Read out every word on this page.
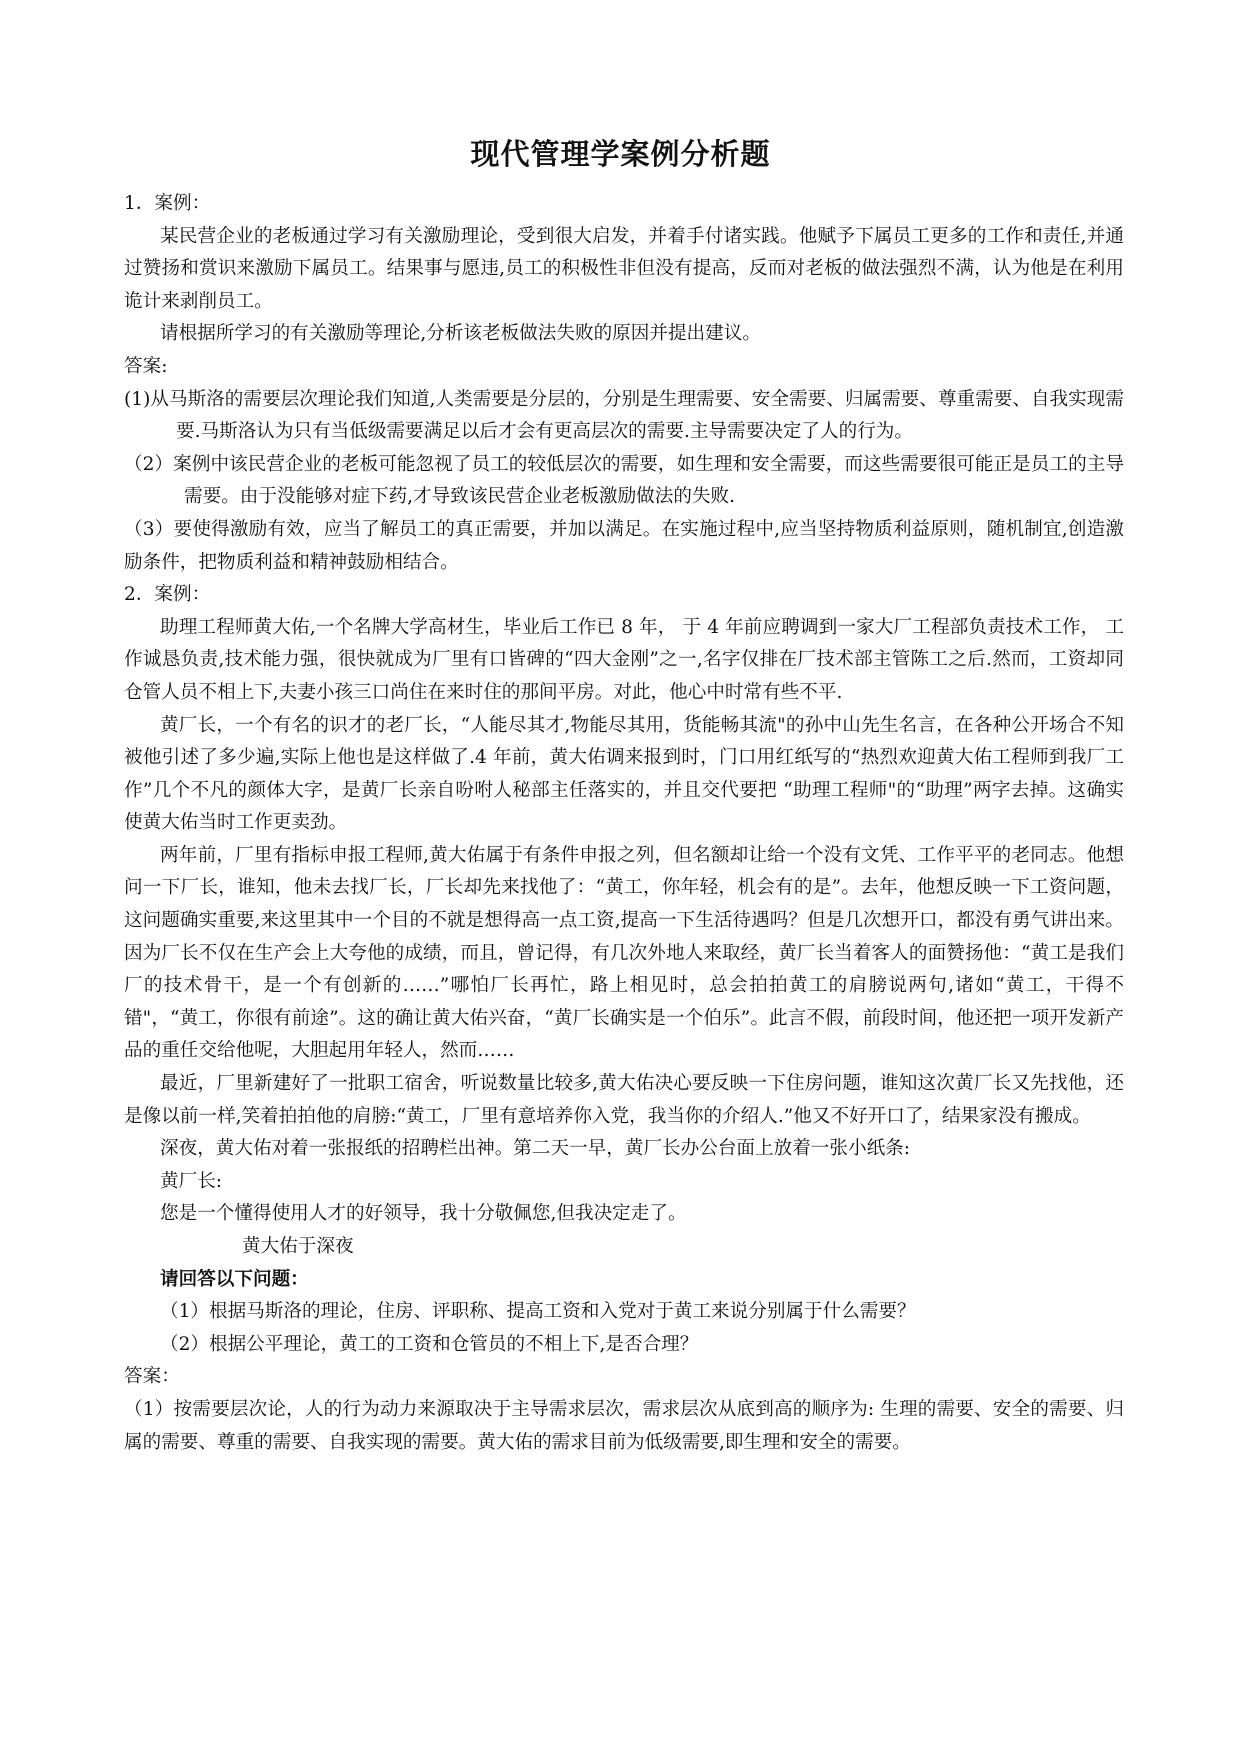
现代管理学案例分析题

1．案例：

某民营企业的老板通过学习有关激励理论，受到很大启发，并着手付诸实践。他赋予下属员工更多的工作和责任,并通过赞扬和赏识来激励下属员工。结果事与愿违,员工的积极性非但没有提高，反而对老板的做法强烈不满，认为他是在利用诡计来剥削员工。

请根据所学习的有关激励等理论,分析该老板做法失败的原因并提出建议。

答案:

(1)从马斯洛的需要层次理论我们知道,人类需要是分层的，分别是生理需要、安全需要、归属需要、尊重需要、自我实现需要.马斯洛认为只有当低级需要满足以后才会有更高层次的需要.主导需要决定了人的行为。

（2）案例中该民营企业的老板可能忽视了员工的较低层次的需要，如生理和安全需要，而这些需要很可能正是员工的主导需要。由于没能够对症下药,才导致该民营企业老板激励做法的失败.

（3）要使得激励有效，应当了解员工的真正需要，并加以满足。在实施过程中,应当坚持物质利益原则，随机制宜,创造激励条件，把物质利益和精神鼓励相结合。

2．案例：

助理工程师黄大佑,一个名牌大学高材生，毕业后工作已 8 年， 于 4 年前应聘调到一家大厂工程部负责技术工作， 工作诚恳负责,技术能力强，很快就成为厂里有口皆碑的“四大金刚”之一,名字仅排在厂技术部主管陈工之后.然而，工资却同仓管人员不相上下,夫妻小孩三口尚住在来时住的那间平房。对此，他心中时常有些不平.

黄厂长，一个有名的识才的老厂长，“人能尽其才,物能尽其用，货能畅其流"的孙中山先生名言，在各种公开场合不知被他引述了多少遍,实际上他也是这样做了.4 年前，黄大佑调来报到时，门口用红纸写的“热烈欢迎黄大佑工程师到我厂工作”几个不凡的颜体大字，是黄厂长亲自吩咐人秘部主任落实的，并且交代要把 “助理工程师"的“助理”两字去掉。这确实使黄大佑当时工作更卖劲。

两年前，厂里有指标申报工程师,黄大佑属于有条件申报之列，但名额却让给一个没有文凭、工作平平的老同志。他想问一下厂长，谁知，他未去找厂长，厂长却先来找他了：“黄工，你年轻，机会有的是”。去年，他想反映一下工资问题，这问题确实重要,来这里其中一个目的不就是想得高一点工资,提高一下生活待遇吗？但是几次想开口，都没有勇气讲出来。因为厂长不仅在生产会上大夸他的成绩，而且，曾记得，有几次外地人来取经，黄厂长当着客人的面赞扬他：“黄工是我们厂的技术骨干，是一个有创新的……”哪怕厂长再忙，路上相见时，总会拍拍黄工的肩膀说两句,诸如“黄工，干得不错"，“黄工，你很有前途”。这的确让黄大佑兴奋，“黄厂长确实是一个伯乐”。此言不假，前段时间，他还把一项开发新产品的重任交给他呢，大胆起用年轻人，然而……

最近，厂里新建好了一批职工宿舍，听说数量比较多,黄大佑决心要反映一下住房问题，谁知这次黄厂长又先找他，还是像以前一样,笑着拍拍他的肩膀:“黄工，厂里有意培养你入党，我当你的介绍人.”他又不好开口了，结果家没有搬成。

深夜，黄大佑对着一张报纸的招聘栏出神。第二天一早，黄厂长办公台面上放着一张小纸条:

黄厂长:

您是一个懂得使用人才的好领导，我十分敬佩您,但我决定走了。

黄大佑于深夜

请回答以下问题：

（1）根据马斯洛的理论，住房、评职称、提高工资和入党对于黄工来说分别属于什么需要？

（2）根据公平理论，黄工的工资和仓管员的不相上下,是否合理？

答案：

（1）按需要层次论，人的行为动力来源取决于主导需求层次，需求层次从底到高的顺序为: 生理的需要、安全的需要、归属的需要、尊重的需要、自我实现的需要。黄大佑的需求目前为低级需要,即生理和安全的需要。
